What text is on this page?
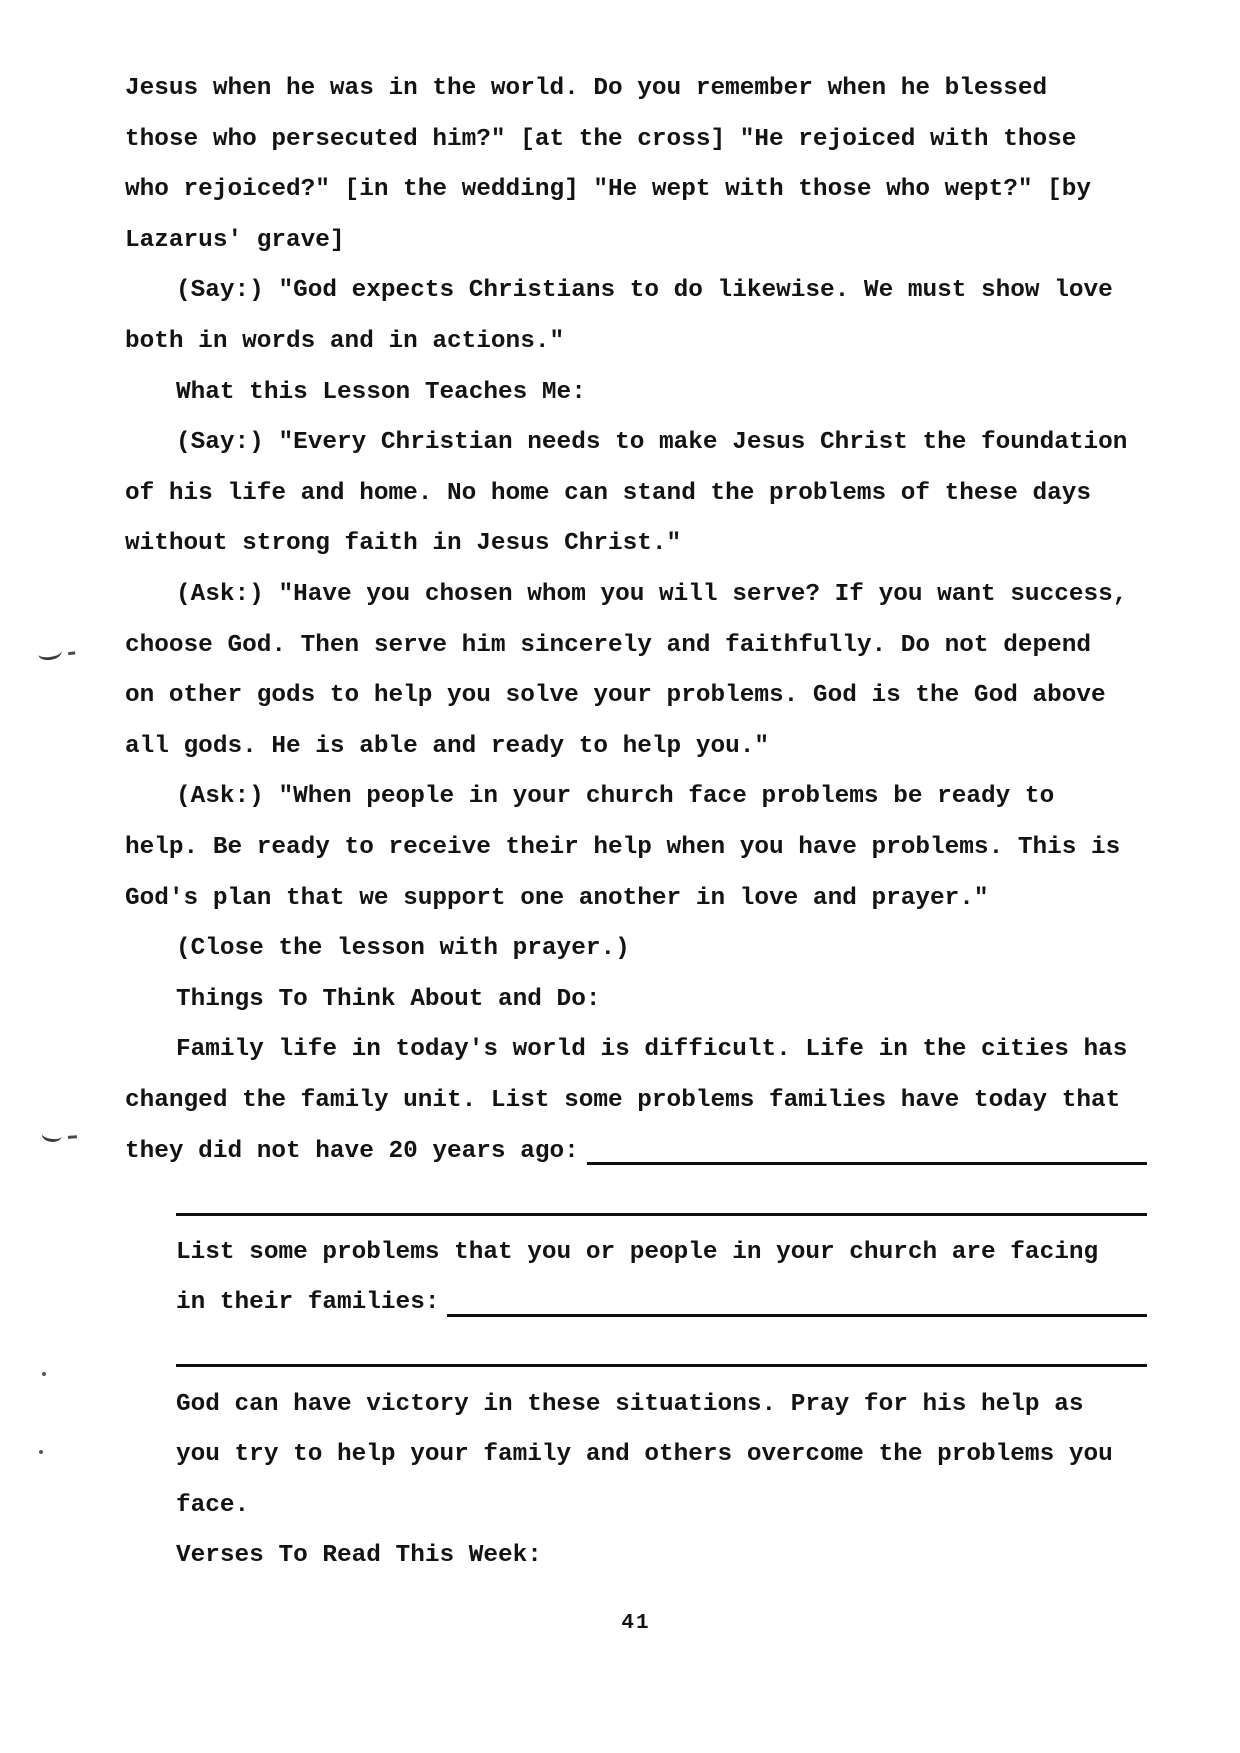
Jesus when he was in the world. Do you remember when he blessed
those who persecuted him?" [at the cross] "He rejoiced with those
who rejoiced?" [in the wedding] "He wept with those who wept?" [by
Lazarus' grave]
(Say:) "God expects Christians to do likewise. We must show love
both in words and in actions."
What this Lesson Teaches Me:
(Say:) "Every Christian needs to make Jesus Christ the foundation
of his life and home. No home can stand the problems of these days
without strong faith in Jesus Christ."
(Ask:) "Have you chosen whom you will serve? If you want success,
choose God. Then serve him sincerely and faithfully. Do not depend
on other gods to help you solve your problems. God is the God above
all gods. He is able and ready to help you."
(Ask:) "When people in your church face problems be ready to
help. Be ready to receive their help when you have problems. This is
God's plan that we support one another in love and prayer."
(Close the lesson with prayer.)
Things To Think About and Do:
Family life in today's world is difficult. Life in the cities has
changed the family unit. List some problems families have today that
they did not have 20 years ago:
List some problems that you or people in your church are facing
in their families:
God can have victory in these situations. Pray for his help as
you try to help your family and others overcome the problems you
face.
Verses To Read This Week:
41
